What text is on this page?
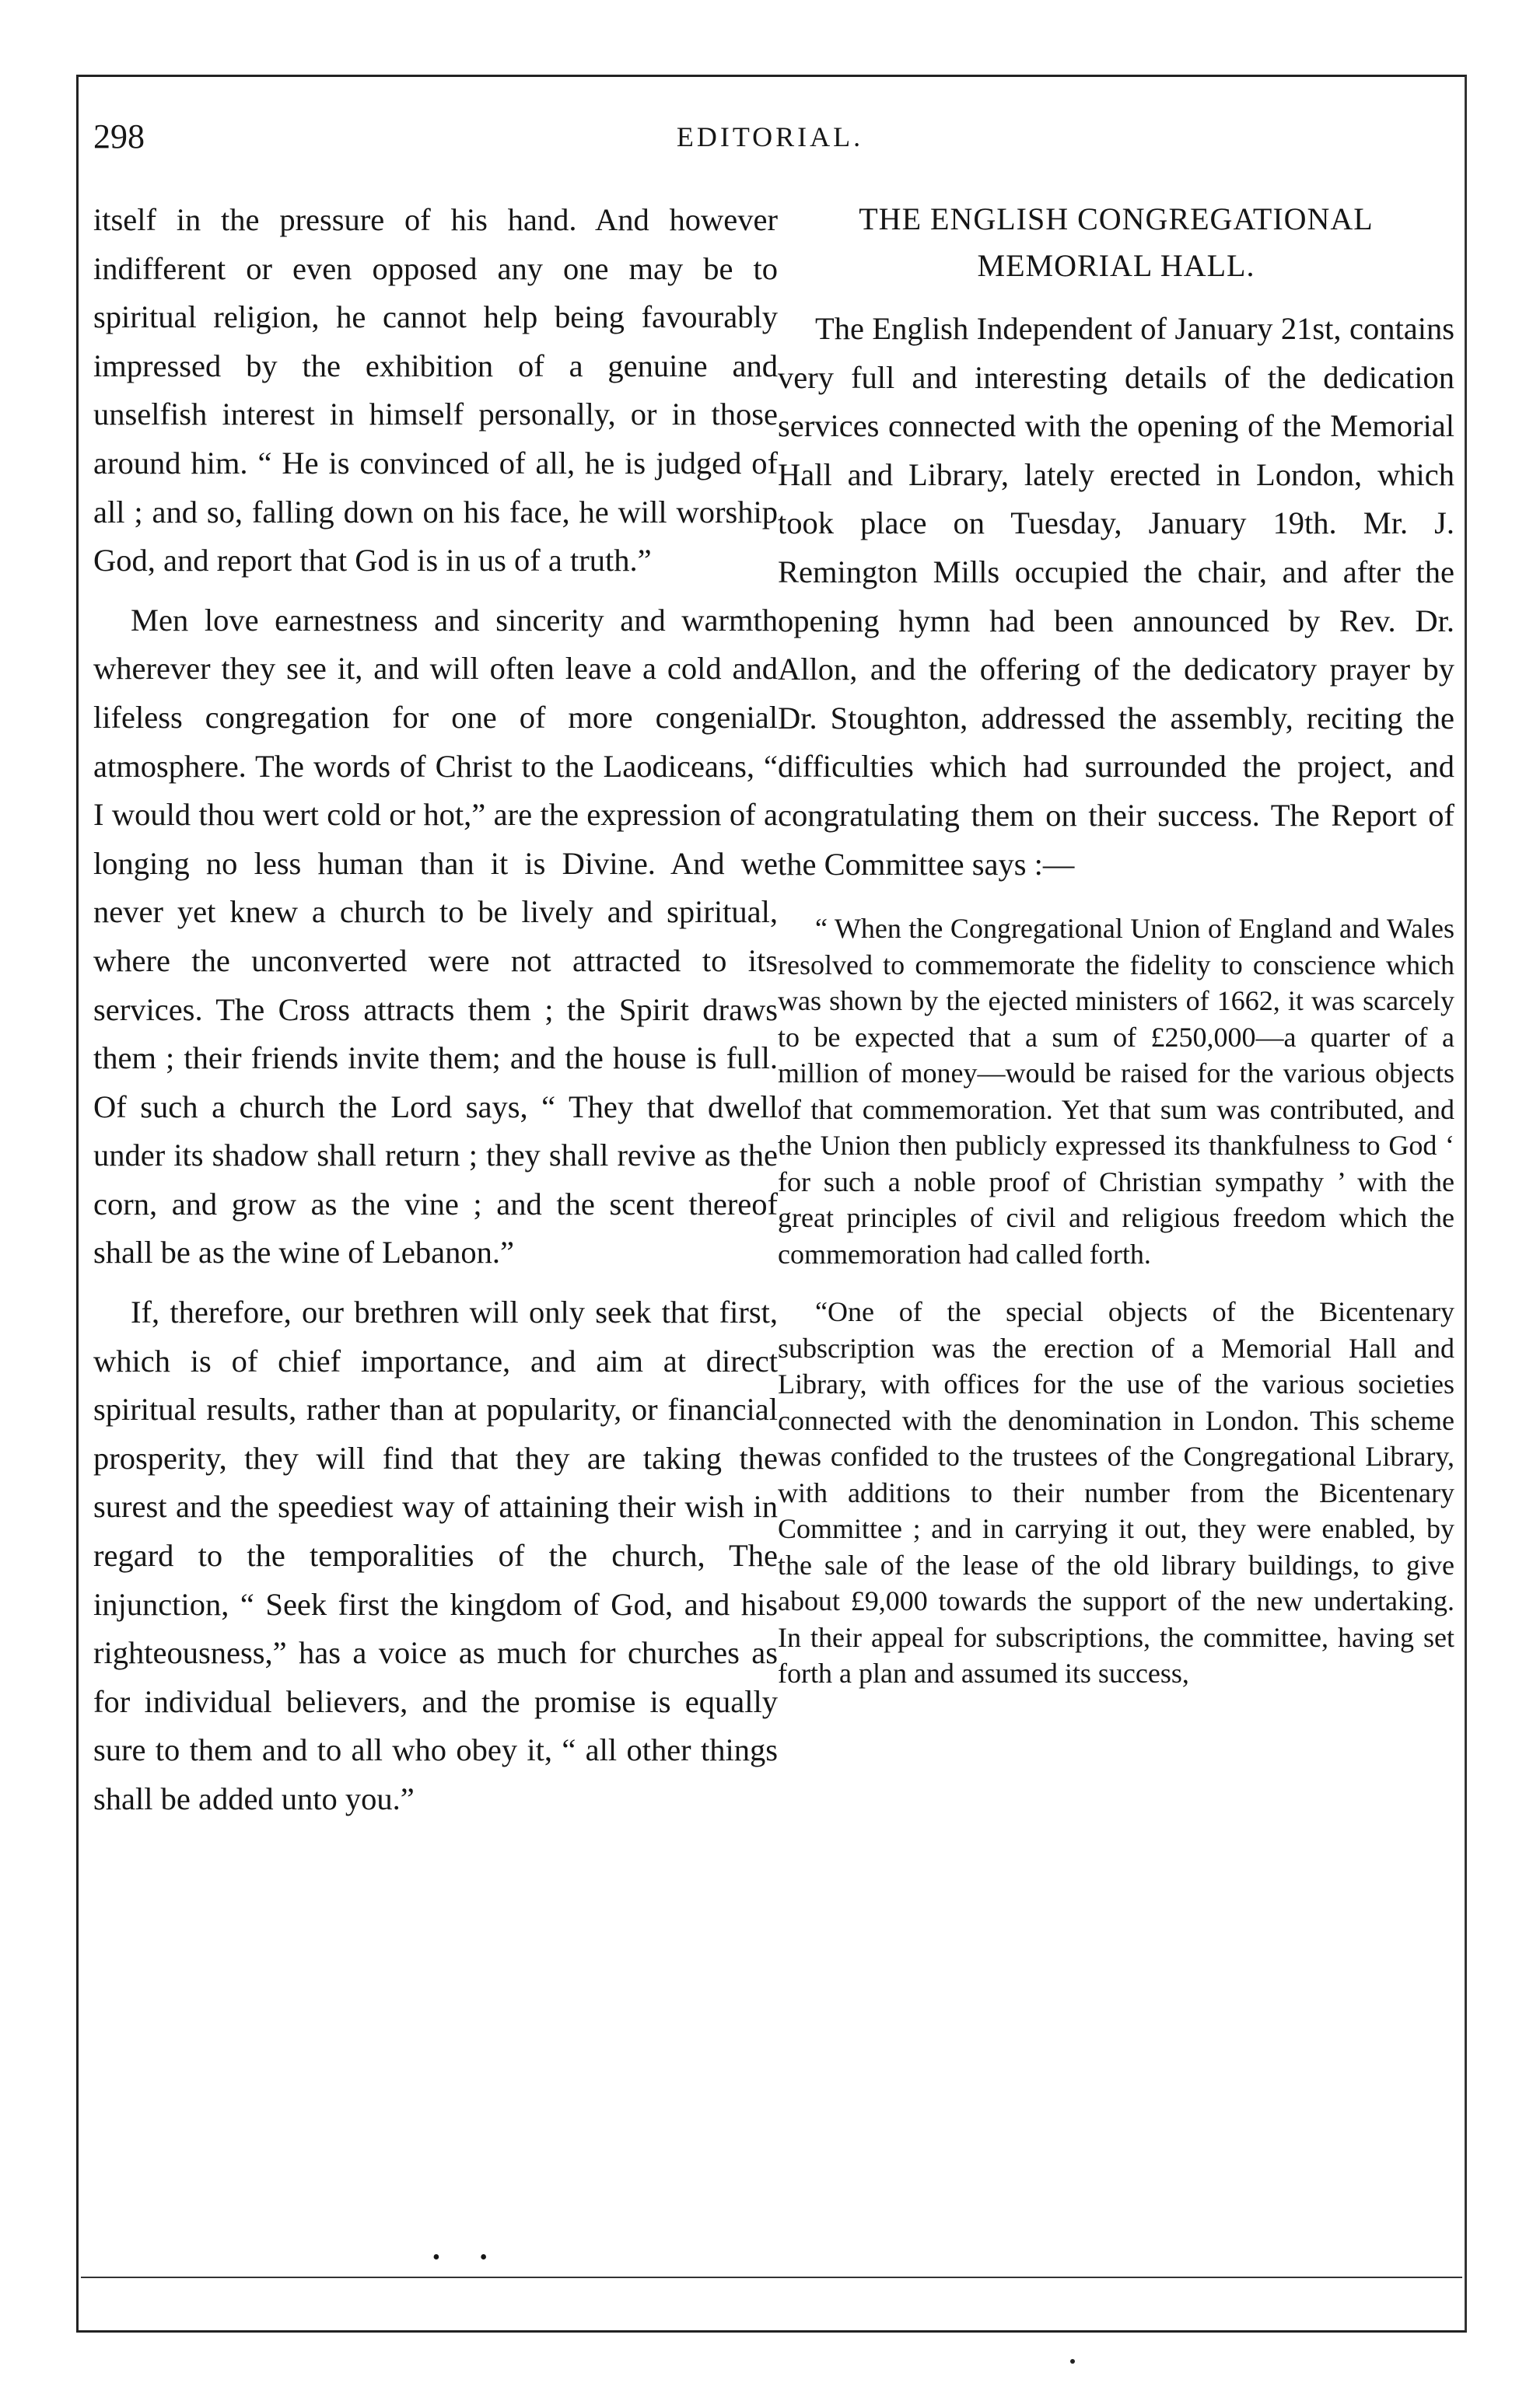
298	EDITORIAL.

itself in the pressure of his hand. And however indifferent or even opposed any one may be to spiritual religion, he cannot help being favourably impressed by the exhibition of a genuine and unselfish interest in himself personally, or in those around him. “ He is convinced of all, he is judged of all ; and so, falling down on his face, he will worship God, and report that God is in us of a truth.”

Men love earnestness and sincerity and warmth wherever they see it, and will often leave a cold and lifeless congregation for one of more congenial atmosphere. The words of Christ to the Laodiceans, “ I would thou wert cold or hot,” are the expression of a longing no less human than it is Divine. And we never yet knew a church to be lively and spiritual, where the unconverted were not attracted to its services. The Cross attracts them ; the Spirit draws them ; their friends invite them; and the house is full. Of such a church the Lord says, “ They that dwell under its shadow shall return ; they shall revive as the corn, and grow as the vine ; and the scent thereof shall be as the wine of Lebanon.”

If, therefore, our brethren will only seek that first, which is of chief importance, and aim at direct spiritual results, rather than at popularity, or financial prosperity, they will find that they are taking the surest and the speediest way of attaining their wish in regard to the temporalities of the church, The injunction, “ Seek first the kingdom of God, and his righteousness,” has a voice as much for churches as for individual believers, and the promise is equally sure to them and to all who obey it, “ all other things shall be added unto you.”

THE ENGLISH CONGREGATIONAL MEMORIAL HALL.

The English Independent of January 21st, contains very full and interesting details of the dedication services connected with the opening of the Memorial Hall and Library, lately erected in London, which took place on Tuesday, January 19th. Mr. J. Remington Mills occupied the chair, and after the opening hymn had been announced by Rev. Dr. Allon, and the offering of the dedicatory prayer by Dr. Stoughton, addressed the assembly, reciting the difficulties which had surrounded the project, and congratulating them on their success. The Report of the Committee says :—

“ When the Congregational Union of England and Wales resolved to commemorate the fidelity to conscience which was shown by the ejected ministers of 1662, it was scarcely to be expected that a sum of £250,000—a quarter of a million of money—would be raised for the various objects of that commemoration. Yet that sum was contributed, and the Union then publicly expressed its thankfulness to God ‘ for such a noble proof of Christian sympathy ’ with the great principles of civil and religious freedom which the commemoration had called forth.

“One of the special objects of the Bicentenary subscription was the erection of a Memorial Hall and Library, with offices for the use of the various societies connected with the denomination in London. This scheme was confided to the trustees of the Congregational Library, with additions to their number from the Bicentenary Committee ; and in carrying it out, they were enabled, by the sale of the lease of the old library buildings, to give about £9,000 towards the support of the new undertaking. In their appeal for subscriptions, the committee, having set forth a plan and assumed its success,

• •
